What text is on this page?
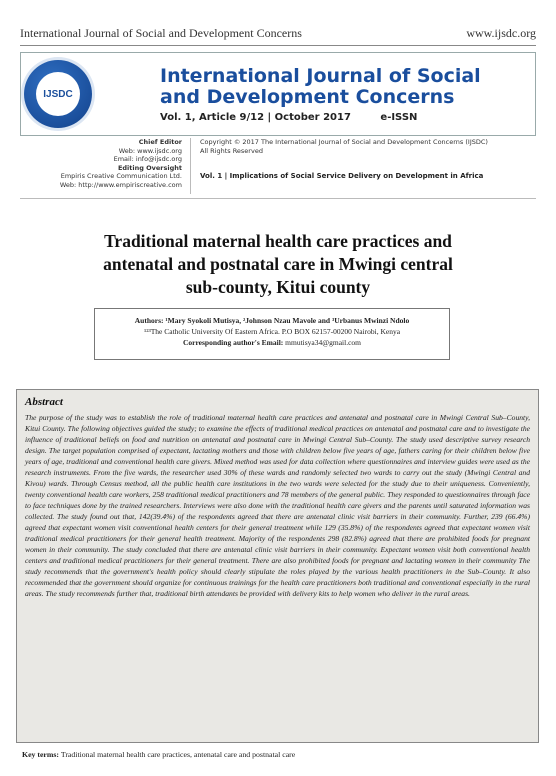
International Journal of Social and Development Concerns	www.ijsdc.org
IJSDC
International Journal of Social
and Development Concerns
Vol. 1, Article 9/12 | October 2017	e-ISSN
Chief Editor
Web: www.ijsdc.org
Email: info@ijsdc.org
Editing Oversight
Empiris Creative Communication Ltd.
Web: http://www.empiriscreative.com
Copyright © 2017 The International Journal of Social and Development Concerns (IJSDC)
All Rights Reserved
Vol. 1 | Implications of Social Service Delivery on Development in Africa
Traditional maternal health care practices and
antenatal and postnatal care in Mwingi central
sub-county, Kitui county
Authors: ¹Mary Syokoli Mutisya, ²Johnson Nzau Mavole and ³Urbanus Mwinzi Ndolo
¹²³The Catholic University Of Eastern Africa. P.O BOX 62157-00200 Nairobi, Kenya
Corresponding author's Email: mmutisya34@gmail.com
Abstract
The purpose of the study was to establish the role of traditional maternal health care practices and antenatal and postnatal care in Mwingi Central Sub–County, Kitui County. The following objectives guided the study; to examine the effects of traditional medical practices on antenatal and postnatal care and to investigate the influence of traditional beliefs on food and nutrition on antenatal and postnatal care in Mwingi Central Sub–County. The study used descriptive survey research design. The target population comprised of expectant, lactating mothers and those with children below five years of age, fathers caring for their children below five years of age, traditional and conventional health care givers. Mixed method was used for data collection where questionnaires and interview guides were used as the research instruments. From the five wards, the researcher used 30% of these wards and randomly selected two wards to carry out the study (Mwingi Central and Kivou) wards. Through Census method, all the public health care institutions in the two wards were selected for the study due to their uniqueness. Conveniently, twenty conventional health care workers, 258 traditional medical practitioners and 78 members of the general public. They responded to questionnaires through face to face techniques done by the trained researchers. Interviews were also done with the traditional health care givers and the parents until saturated information was collected. The study found out that, 142(39.4%) of the respondents agreed that there are antenatal clinic visit barriers in their community. Further, 239 (66.4%) agreed that expectant women visit conventional health centers for their general treatment while 129 (35.8%) of the respondents agreed that expectant women visit traditional medical practitioners for their general health treatment. Majority of the respondents 298 (82.8%) agreed that there are prohibited foods for pregnant women in their community. The study concluded that there are antenatal clinic visit barriers in their community. Expectant women visit both conventional health centers and traditional medical practitioners for their general treatment. There are also prohibited foods for pregnant and lactating women in their community The study recommends that the government's health policy should clearly stipulate the roles played by the various health practitioners in the Sub–County. It also recommended that the government should organize for continuous trainings for the health care practitioners both traditional and conventional especially in the rural areas. The study recommends further that, traditional birth attendants be provided with delivery kits to help women who deliver in the rural areas.
Key terms: Traditional maternal health care practices, antenatal care and postnatal care
